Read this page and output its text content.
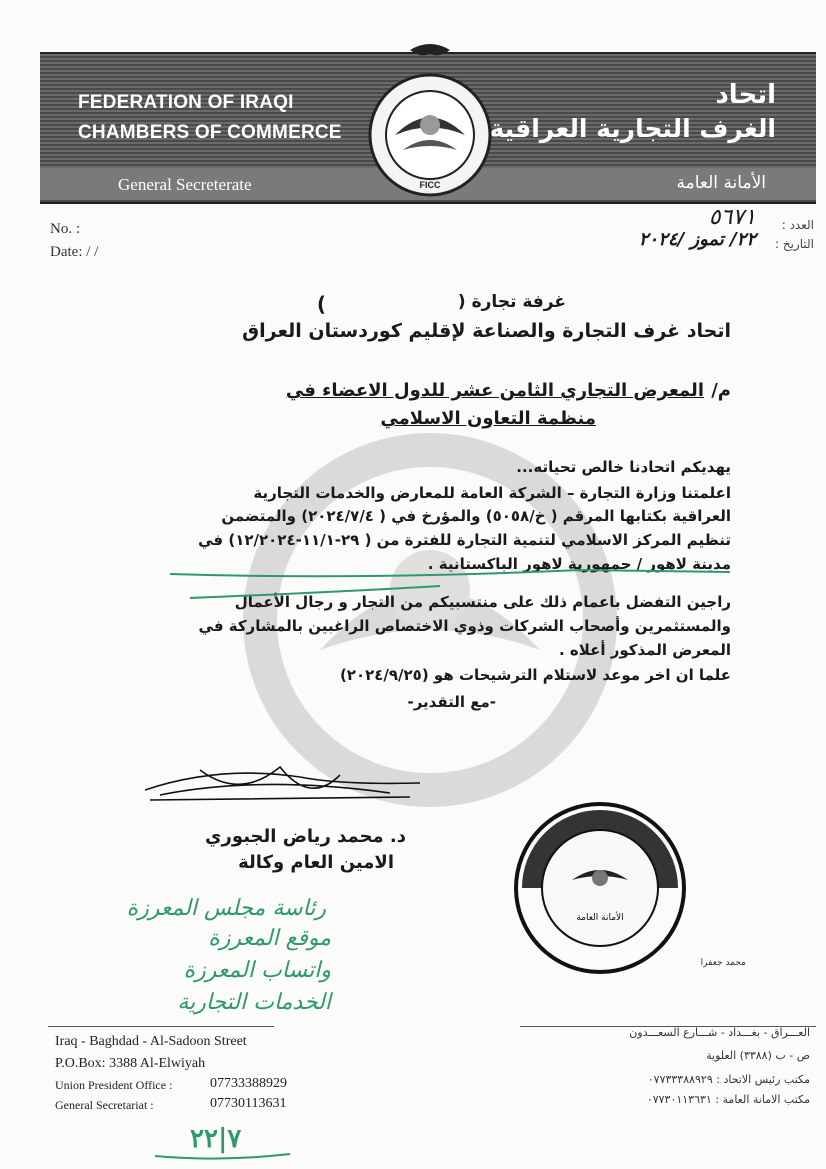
FEDERATION OF IRAQI
CHAMBERS OF COMMERCE
General Secreterate
اتحاد
الغرف التجارية العراقية
الأمانة العامة
FICC
No. :
Date: / /
العدد :
التاريخ :
٥٦٧١
٢٢/ تموز /٢٠٢٤
غرفة تجارة (
)
اتحاد غرف التجارة والصناعة لإقليم كوردستان العراق
م/
المعرض التجاري الثامن عشر للدول الاعضاء في
منظمة التعاون الاسلامي
يهديكم اتحادنا خالص تحياته...
اعلمتنا وزارة التجارة – الشركة العامة للمعارض والخدمات التجارية
العراقية بكتابها المرقم ( خ/٥٠٥٨) والمؤرخ في ( ٢٠٢٤/٧/٤) والمتضمن
تنظيم المركز الاسلامي لتنمية التجارة للفترة من ( ٢٩-١١/١-١٢/٢٠٢٤) في
مدينة لاهور / جمهورية لاهور الباكستانية .
راجين التفضل باعمام ذلك على منتسبيكم من التجار و رجال الأعمال
والمستثمرين وأصحاب الشركات وذوي الاختصاص الراغبين بالمشاركة في
المعرض المذكور أعلاه .
علما ان اخر موعد لاستلام الترشيحات هو (٢٠٢٤/٩/٢٥)
-مع التقدير-
د. محمد رياض الجبوري
الامين العام وكالة
الأمانة العامة
محمد جعفرا
رئاسة مجلس المعرزة
موقع المعرزة
واتساب المعرزة
الخدمات التجارية
Iraq - Baghdad - Al-Sadoon Street
P.O.Box: 3388 Al-Elwiyah
Union President Office :	07733388929
General Secretariat :	07730113631
العـــراق - بغـــداد - شـــارع السعـــدون
ص - ب (٣٣٨٨) العلوية
مكتب رئيس الاتحاد : ٠٧٧٣٣٣٨٨٩٢٩
مكتب الامانة العامة : ٠٧٧٣٠١١٣٦٣١
٧|٢٢
